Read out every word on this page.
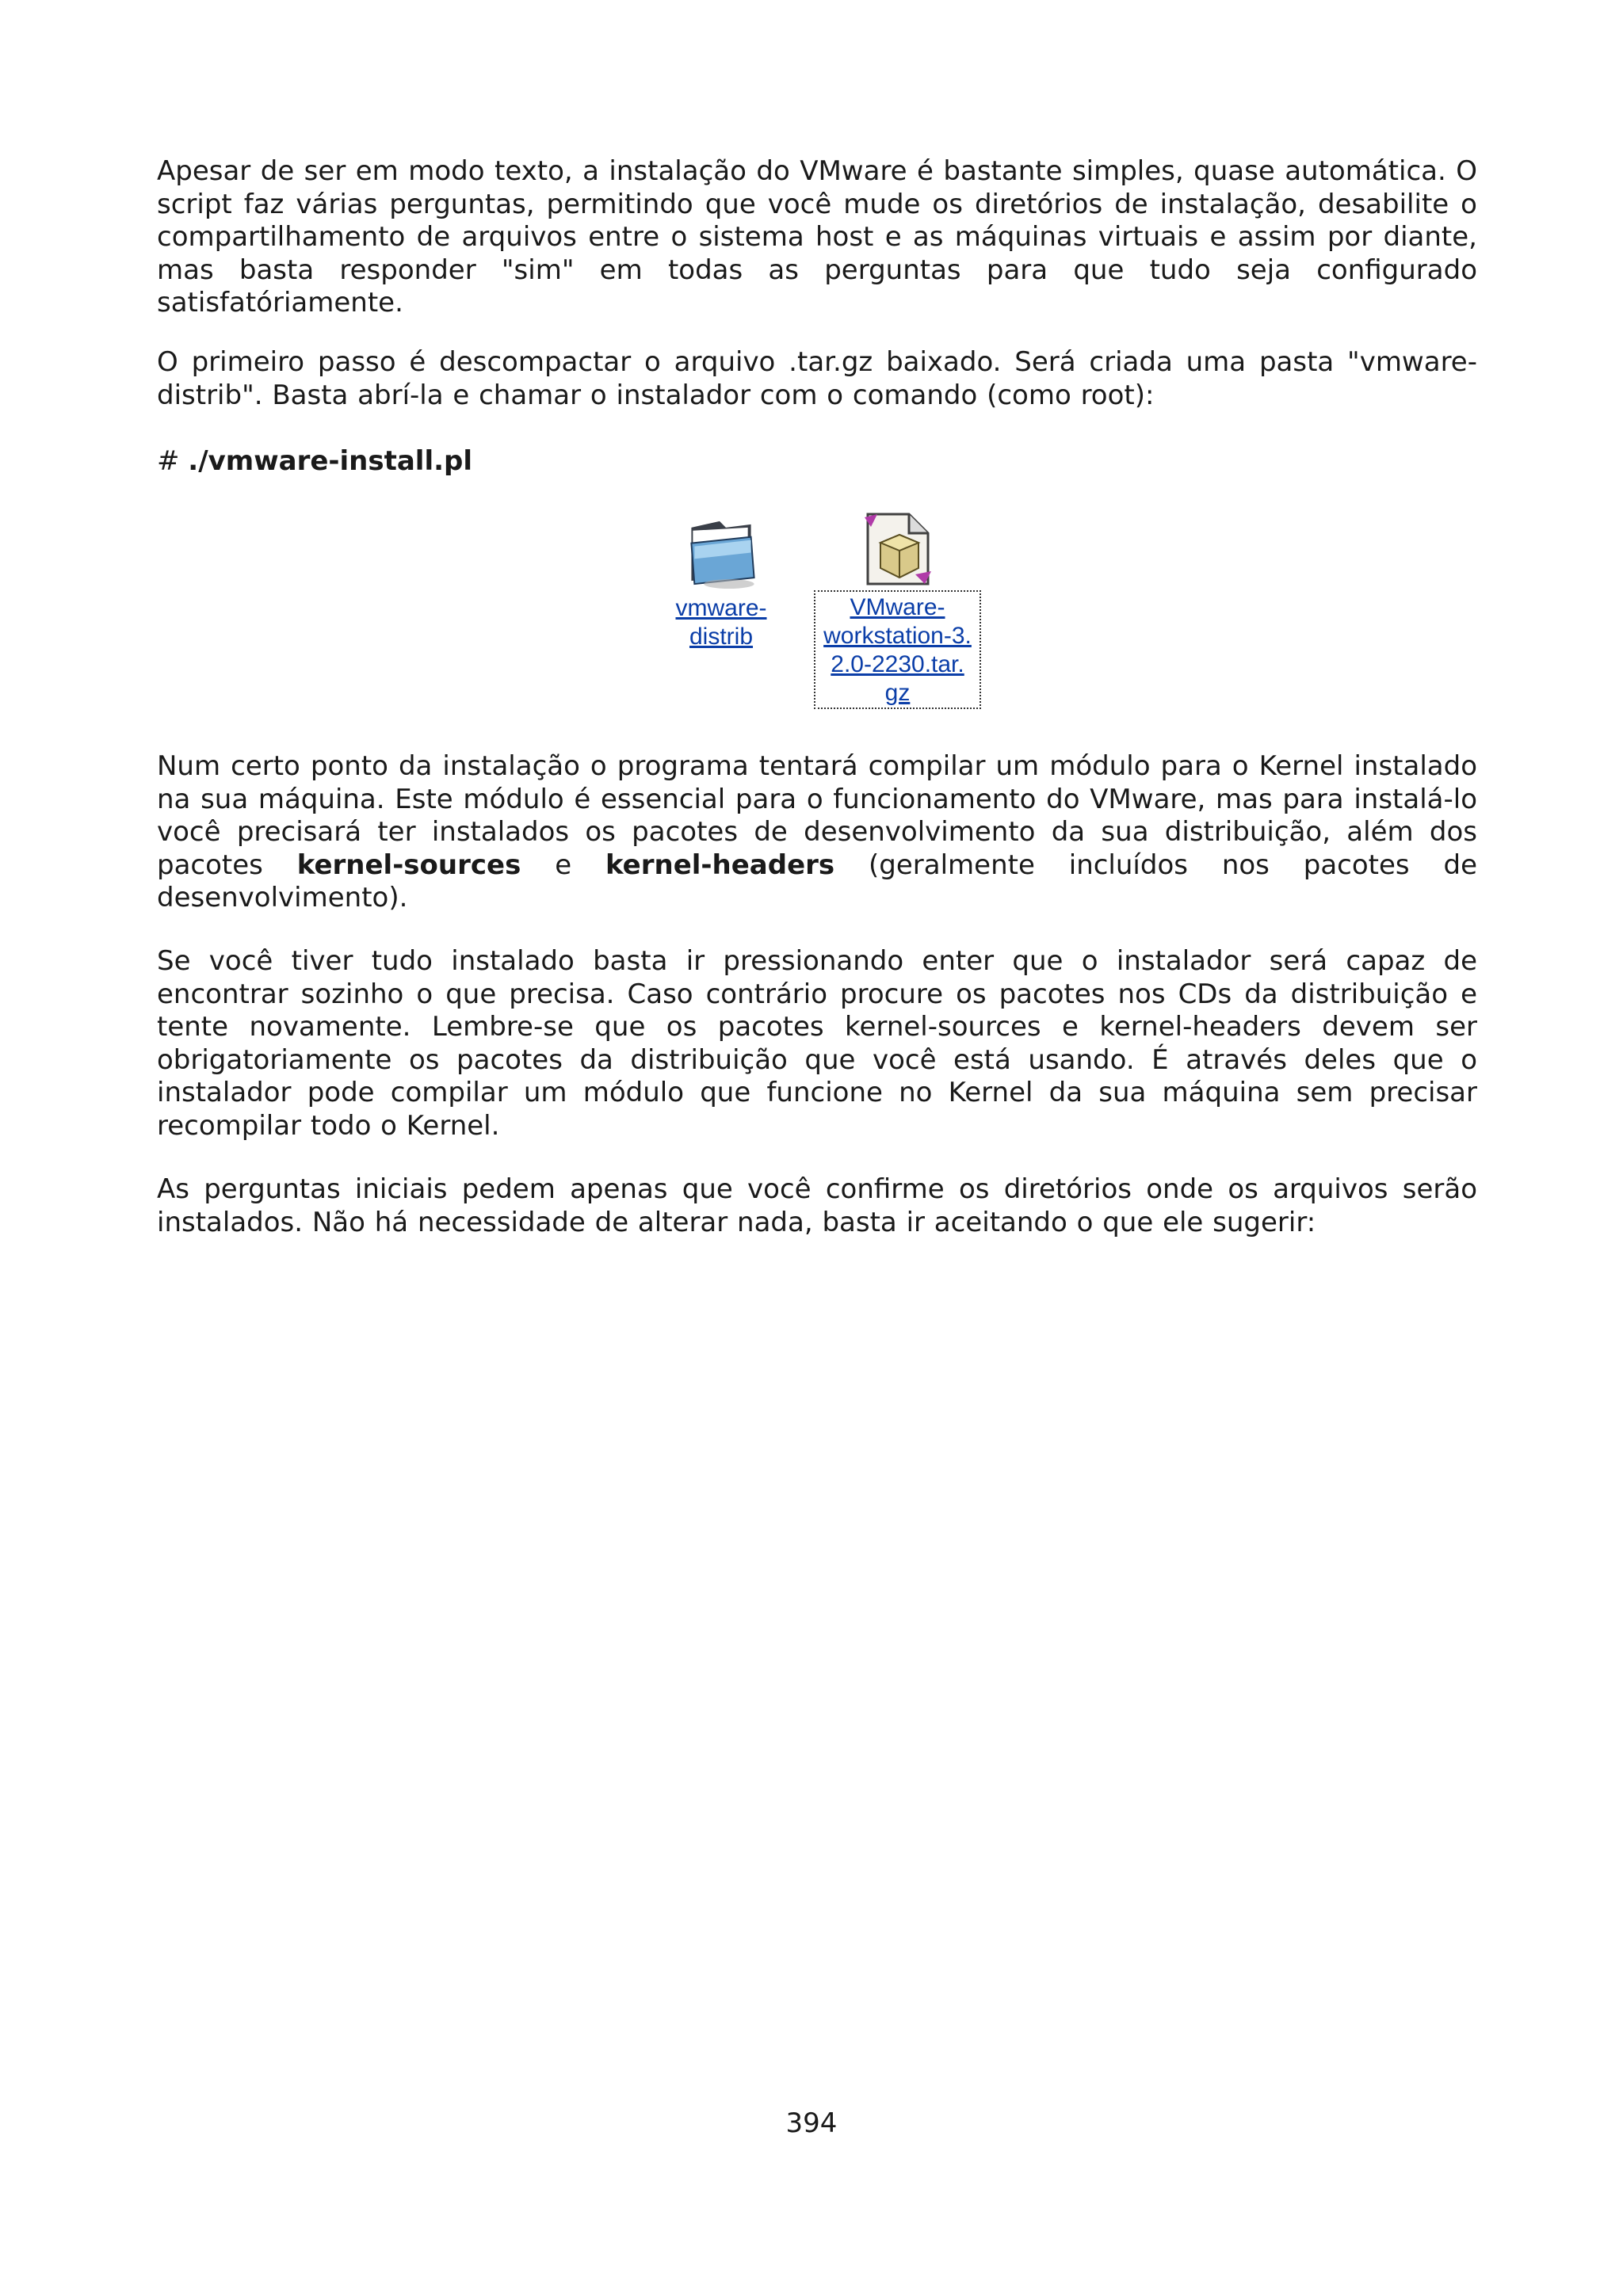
Apesar de ser em modo texto, a instalação do VMware é bastante simples, quase automática. O script faz várias perguntas, permitindo que você mude os diretórios de instalação, desabilite o compartilhamento de arquivos entre o sistema host e as máquinas virtuais e assim por diante, mas basta responder "sim" em todas as perguntas para que tudo seja configurado satisfatóriamente.

O primeiro passo é descompactar o arquivo .tar.gz baixado. Será criada uma pasta "vmware-distrib". Basta abrí-la e chamar o instalador com o comando (como root):

# ./vmware-install.pl

vmware-
distrib
VMware-
workstation-3.
2.0-2230.tar.
gz

Num certo ponto da instalação o programa tentará compilar um módulo para o Kernel instalado na sua máquina. Este módulo é essencial para o funcionamento do VMware, mas para instalá-lo você precisará ter instalados os pacotes de desenvolvimento da sua distribuição, além dos pacotes kernel-sources e kernel-headers (geralmente incluídos nos pacotes de desenvolvimento).

Se você tiver tudo instalado basta ir pressionando enter que o instalador será capaz de encontrar sozinho o que precisa. Caso contrário procure os pacotes nos CDs da distribuição e tente novamente. Lembre-se que os pacotes kernel-sources e kernel-headers devem ser obrigatoriamente os pacotes da distribuição que você está usando. É através deles que o instalador pode compilar um módulo que funcione no Kernel da sua máquina sem precisar recompilar todo o Kernel.

As perguntas iniciais pedem apenas que você confirme os diretórios onde os arquivos serão instalados. Não há necessidade de alterar nada, basta ir aceitando o que ele sugerir:

394
